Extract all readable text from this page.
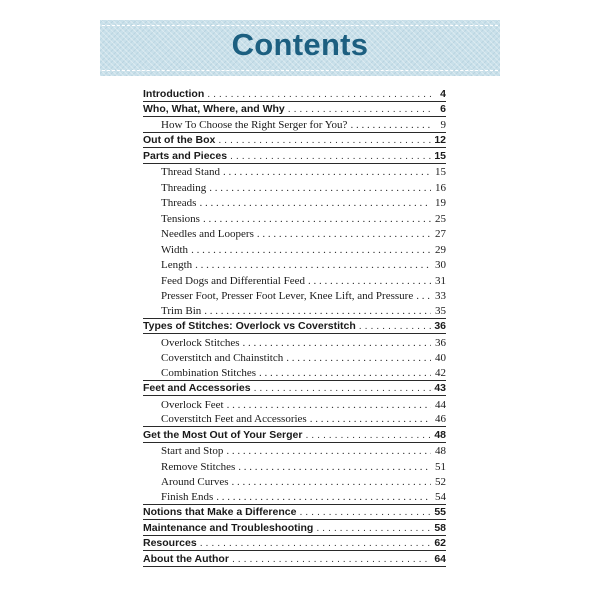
Contents
Introduction . . .	4
Who, What, Where, and Why . . .	6
How To Choose the Right Serger for You? . . .	9
Out of the Box . . .	12
Parts and Pieces . . .	15
Thread Stand . . .	15
Threading . . .	16
Threads . . .	19
Tensions . . .	25
Needles and Loopers . . .	27
Width . . .	29
Length . . .	30
Feed Dogs and Differential Feed . . .	31
Presser Foot, Presser Foot Lever, Knee Lift, and Pressure . . . 33
Trim Bin . . .	35
Types of Stitches: Overlock vs Coverstitch . . .	36
Overlock Stitches . . .	36
Coverstitch and Chainstitch . . .	40
Combination Stitches . . .	42
Feet and Accessories . . .	43
Overlock Feet . . .	44
Coverstitch Feet and Accessories . . .	46
Get the Most Out of Your Serger . . .	48
Start and Stop . . .	48
Remove Stitches . . .	51
Around Curves . . .	52
Finish Ends . . .	54
Notions that Make a Difference . . .	55
Maintenance and Troubleshooting . . .	58
Resources . . .	62
About the Author . . .	64
